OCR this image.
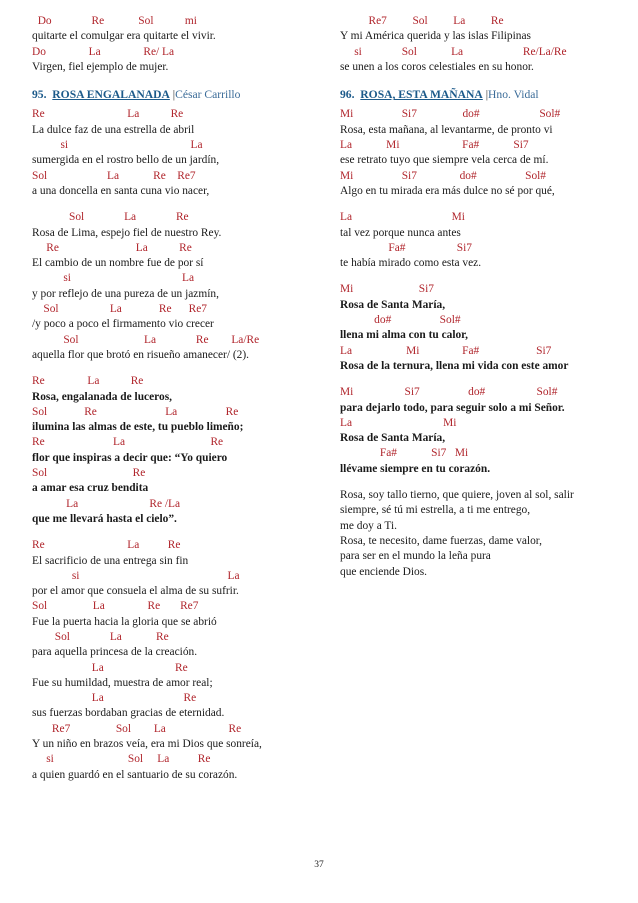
Do              Re            Sol           mi
quitarte el comulgar era quitarte el vivir.
Do               La               Re/ La
Virgen, fiel ejemplo de mujer.
95. ROSA ENGALANADA |César Carrillo
Re                             La           Re
La dulce faz de una estrella de abril
si                                           La
sumergida en el rostro bello de un jardín,
Sol                     La            Re    Re7
a una doncella en santa cuna vio nacer,
Sol              La              Re
Rosa de Lima, espejo fiel de nuestro Rey.
Re                           La           Re
El cambio de un nombre fue de por sí
si                                       La
y por reflejo de una pureza de un jazmín,
Sol                  La             Re      Re7
/y poco a poco el firmamento vio crecer
Sol                       La              Re        La/Re
aquella flor que brotó en risueño amanecer/ (2).
Re               La           Re
Rosa, engalanada de luceros,
Sol             Re                        La                 Re
ilumina las almas de este, tu pueblo limeño;
Re                        La                              Re
flor que inspiras a decir que: “Yo quiero
Sol                              Re
a amar esa cruz bendita
La                         Re /La
que me llevará hasta el cielo”.
Re                             La          Re
El sacrificio de una entrega sin fin
si                                                    La
por el amor que consuela el alma de su sufrir.
Sol                La               Re       Re7
Fue la puerta hacia la gloria que se abrió
Sol              La            Re
para aquella princesa de la creación.
La                         Re
Fue su humildad, muestra de amor real;
La                            Re
sus fuerzas bordaban gracias de eternidad.
Re7                Sol        La                      Re
Y un niño en brazos veía, era mi Dios que sonreía,
si                          Sol     La          Re
a quien guardó en el santuario de su corazón.
Re7         Sol         La         Re
Y mi América querida y las islas Filipinas
si              Sol            La                     Re/La/Re
se unen a los coros celestiales en su honor.
96. ROSA, ESTA MAÑANA |Hno. Vidal
Mi                 Si7                do#                     Sol#
Rosa, esta mañana, al levantarme, de pronto vi
La            Mi                      Fa#            Si7
ese retrato tuyo que siempre vela cerca de mí.
Mi                 Si7               do#                 Sol#
Algo en tu mirada era más dulce no sé por qué,
La                                   Mi
tal vez porque nunca antes
Fa#                  Si7
te había mirado como esta vez.
Mi                       Si7
Rosa de Santa María,
do#                 Sol#
llena mi alma con tu calor,
La                   Mi               Fa#                    Si7
Rosa de la ternura, llena mi vida con este amor
Mi                  Si7                 do#                  Sol#
para dejarlo todo, para seguir solo a mi Señor.
La                                Mi
Rosa de Santa María,
Fa#            Si7   Mi
llévame siempre en tu corazón.
Rosa, soy tallo tierno, que quiere, joven al sol, salir
siempre, sé tú mi estrella, a ti me entrego,
me doy a Ti.
Rosa, te necesito, dame fuerzas, dame valor,
para ser en el mundo la leña pura
que enciende Dios.
37
